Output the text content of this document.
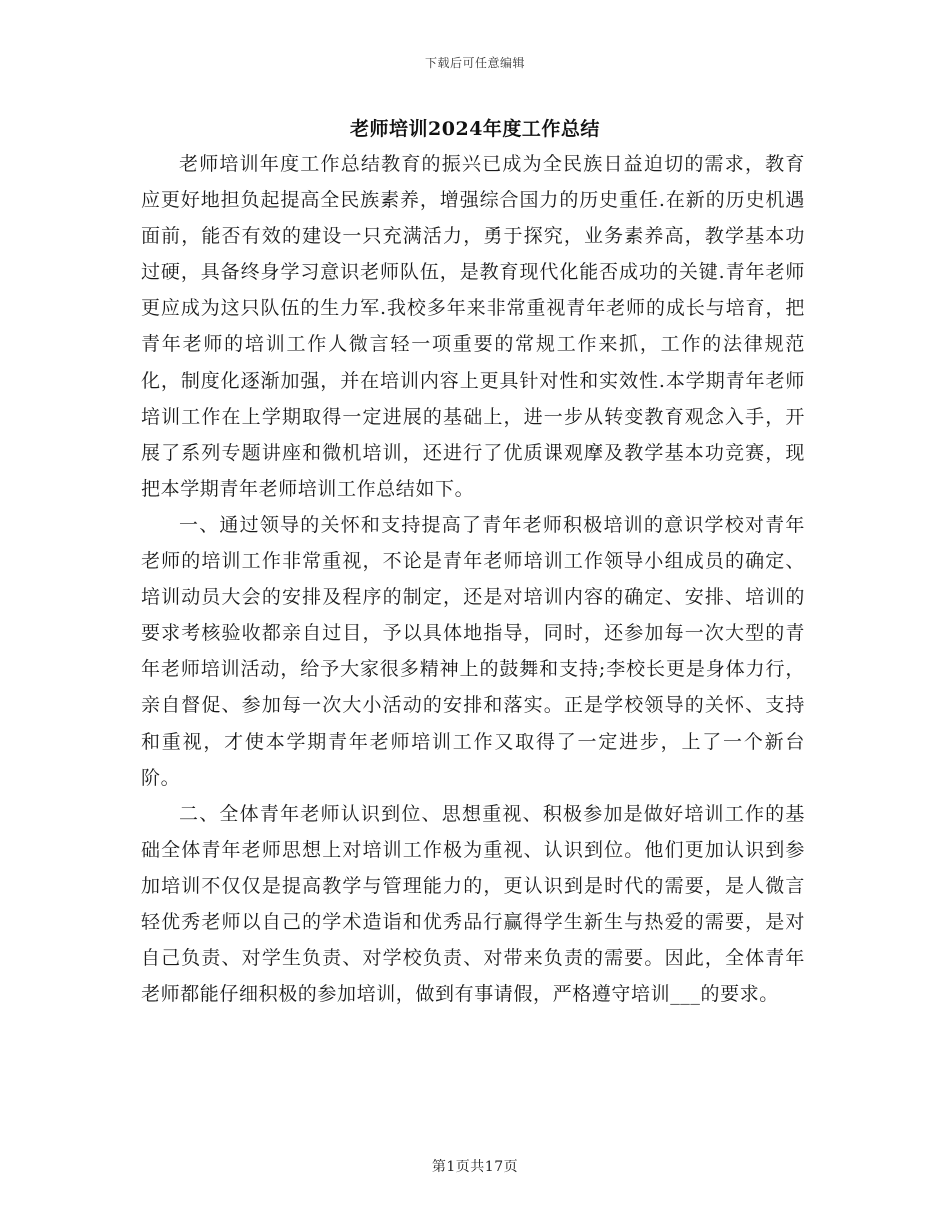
下载后可任意编辑
老师培训2024年度工作总结

老师培训年度工作总结教育的振兴已成为全民族日益迫切的需求，教育应更好地担负起提高全民族素养，增强综合国力的历史重任.在新的历史机遇面前，能否有效的建设一只充满活力，勇于探究，业务素养高，教学基本功过硬，具备终身学习意识老师队伍，是教育现代化能否成功的关键.青年老师更应成为这只队伍的生力军.我校多年来非常重视青年老师的成长与培育，把青年老师的培训工作人微言轻一项重要的常规工作来抓，工作的法律规范化，制度化逐渐加强，并在培训内容上更具针对性和实效性.本学期青年老师培训工作在上学期取得一定进展的基础上，进一步从转变教育观念入手，开展了系列专题讲座和微机培训，还进行了优质课观摩及教学基本功竞赛，现把本学期青年老师培训工作总结如下。

一、通过领导的关怀和支持提高了青年老师积极培训的意识学校对青年老师的培训工作非常重视，不论是青年老师培训工作领导小组成员的确定、培训动员大会的安排及程序的制定，还是对培训内容的确定、安排、培训的要求考核验收都亲自过目，予以具体地指导，同时，还参加每一次大型的青年老师培训活动，给予大家很多精神上的鼓舞和支持;李校长更是身体力行，亲自督促、参加每一次大小活动的安排和落实。正是学校领导的关怀、支持和重视，才使本学期青年老师培训工作又取得了一定进步，上了一个新台阶。

二、全体青年老师认识到位、思想重视、积极参加是做好培训工作的基础全体青年老师思想上对培训工作极为重视、认识到位。他们更加认识到参加培训不仅仅是提高教学与管理能力的，更认识到是时代的需要，是人微言轻优秀老师以自己的学术造诣和优秀品行赢得学生新生与热爱的需要，是对自己负责、对学生负责、对学校负责、对带来负责的需要。因此，全体青年老师都能仔细积极的参加培训，做到有事请假，严格遵守培训___的要求。

第1页共17页
